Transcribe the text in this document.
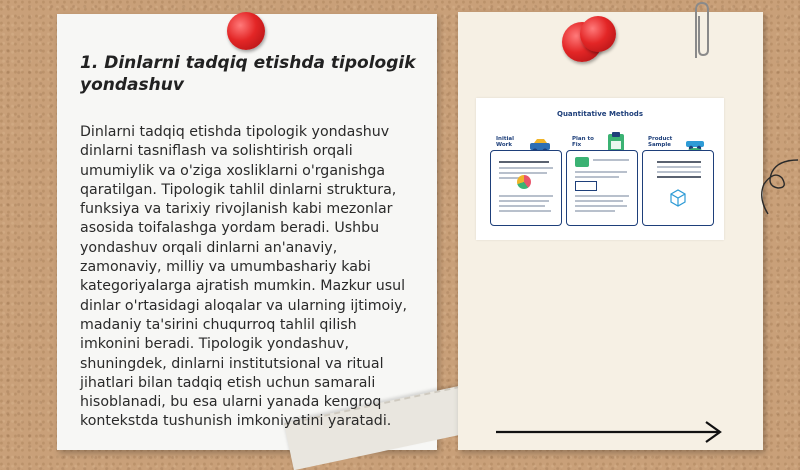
1. Dinlarni tadqiq etishda tipologik yondashuv
Dinlarni tadqiq etishda tipologik yondashuv dinlarni tasniflash va solishtirish orqali umumiylik va o'ziga xosliklarni o'rganishga qaratilgan. Tipologik tahlil dinlarni struktura, funksiya va tarixiy rivojlanish kabi mezonlar asosida toifalashga yordam beradi. Ushbu yondashuv orqali dinlarni an'anaviy, zamonaviy, milliy va umumbashariy kabi kategoriyalarga ajratish mumkin. Mazkur usul dinlar o'rtasidagi aloqalar va ularning ijtimoiy, madaniy ta'sirini chuqurroq tahlil qilish imkonini beradi. Tipologik yondashuv, shuningdek, dinlarni institutsional va ritual jihatlari bilan tadqiq etish uchun samarali hisoblanadi, bu esa ularni yanada kengroq kontekstda tushunish imkoniyatini yaratadi.
Quantitative Methods
Initial
Work
Plan to
Fix
Product
Sample
